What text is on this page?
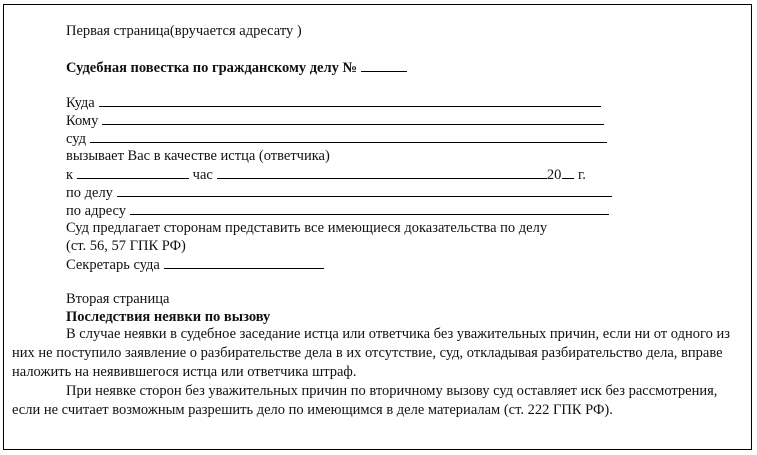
Первая страница(вручается адресату )
Судебная повестка по гражданскому делу №
Куда
Кому
суд
вызывает Вас в качестве истца (ответчика)
к	час	20 г.
по делу
по адресу
Суд предлагает сторонам представить все имеющиеся доказательства по делу
(ст. 56, 57 ГПК РФ)
Секретарь суда
Вторая страница
Последствия неявки по вызову
В случае неявки в судебное заседание истца или ответчика без уважительных причин, если ни от одного из них не поступило заявление о разбирательстве дела в их отсутствие, суд, откладывая разбирательство дела, вправе наложить на неявившегося истца или ответчика штраф.
При неявке сторон без уважительных причин по вторичному вызову суд оставляет иск без рассмотрения, если не считает возможным разрешить дело по имеющимся в деле материалам (ст. 222 ГПК РФ).
